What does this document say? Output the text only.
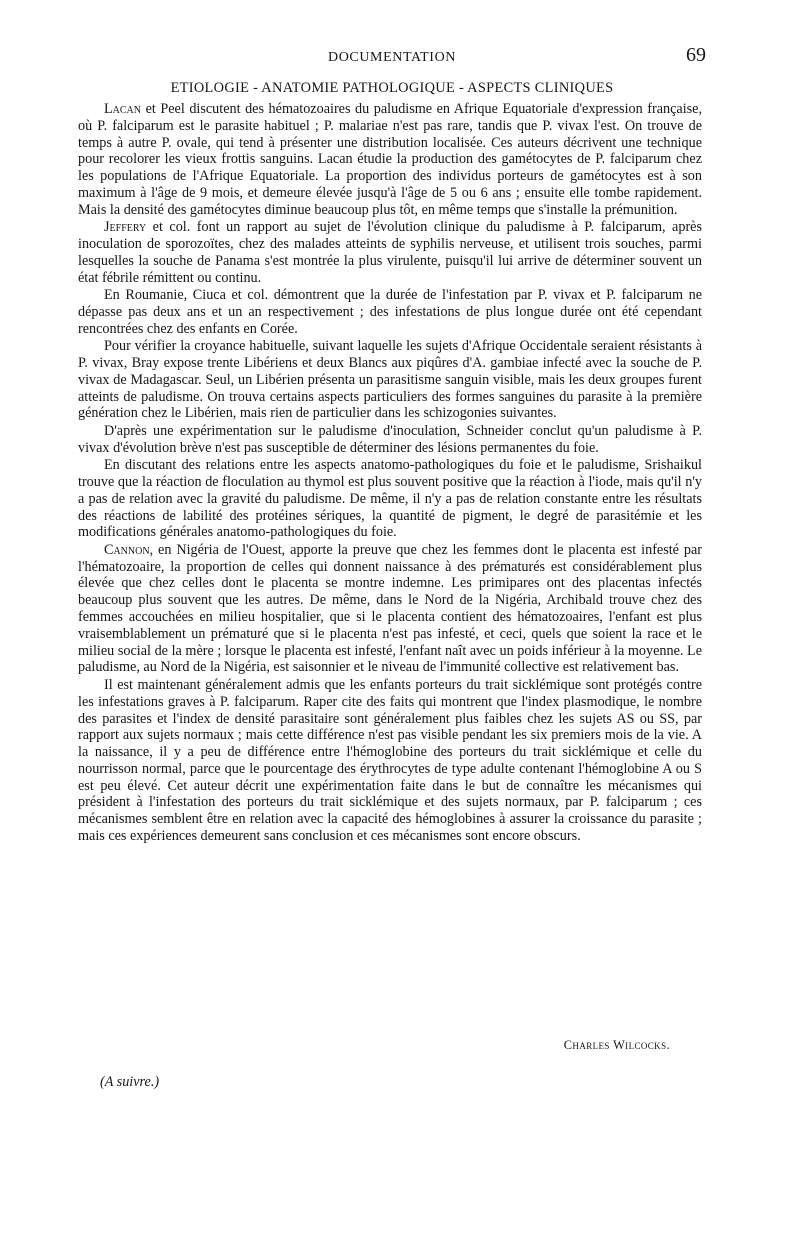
DOCUMENTATION	69
ETIOLOGIE - ANATOMIE PATHOLOGIQUE - ASPECTS CLINIQUES

Lacan et Peel discutent des hématozoaires du paludisme en Afrique Equatoriale d'expression française, où P. falciparum est le parasite habituel ; P. malariae n'est pas rare, tandis que P. vivax l'est. On trouve de temps à autre P. ovale, qui tend à présenter une distribution localisée. Ces auteurs décrivent une technique pour recolorer les vieux frottis sanguins. Lacan étudie la production des gamétocytes de P. falciparum chez les populations de l'Afrique Equatoriale. La proportion des individus porteurs de gamétocytes est à son maximum à l'âge de 9 mois, et demeure élevée jusqu'à l'âge de 5 ou 6 ans ; ensuite elle tombe rapidement. Mais la densité des gamétocytes diminue beaucoup plus tôt, en même temps que s'installe la prémunition.

Jeffery et col. font un rapport au sujet de l'évolution clinique du paludisme à P. falciparum, après inoculation de sporozoïtes, chez des malades atteints de syphilis nerveuse, et utilisent trois souches, parmi lesquelles la souche de Panama s'est montrée la plus virulente, puisqu'il lui arrive de déterminer souvent un état fébrile rémittent ou continu.

En Roumanie, Ciuca et col. démontrent que la durée de l'infestation par P. vivax et P. falciparum ne dépasse pas deux ans et un an respectivement ; des infestations de plus longue durée ont été cependant rencontrées chez des enfants en Corée.

Pour vérifier la croyance habituelle, suivant laquelle les sujets d'Afrique Occidentale seraient résistants à P. vivax, Bray expose trente Libériens et deux Blancs aux piqûres d'A. gambiae infecté avec la souche de P. vivax de Madagascar. Seul, un Libérien présenta un parasitisme sanguin visible, mais les deux groupes furent atteints de paludisme. On trouva certains aspects particuliers des formes sanguines du parasite à la première génération chez le Libérien, mais rien de particulier dans les schizogonies suivantes.

D'après une expérimentation sur le paludisme d'inoculation, Schneider conclut qu'un paludisme à P. vivax d'évolution brève n'est pas susceptible de déterminer des lésions permanentes du foie.

En discutant des relations entre les aspects anatomo-pathologiques du foie et le paludisme, Srishaikul trouve que la réaction de floculation au thymol est plus souvent positive que la réaction à l'iode, mais qu'il n'y a pas de relation avec la gravité du paludisme. De même, il n'y a pas de relation constante entre les résultats des réactions de labilité des protéines sériques, la quantité de pigment, le degré de parasitémie et les modifications générales anatomo-pathologiques du foie.

Cannon, en Nigéria de l'Ouest, apporte la preuve que chez les femmes dont le placenta est infesté par l'hématozoaire, la proportion de celles qui donnent naissance à des prématurés est considérablement plus élevée que chez celles dont le placenta se montre indemne. Les primipares ont des placentas infectés beaucoup plus souvent que les autres. De même, dans le Nord de la Nigéria, Archibald trouve chez des femmes accouchées en milieu hospitalier, que si le placenta contient des hématozoaires, l'enfant est plus vraisemblablement un prématuré que si le placenta n'est pas infesté, et ceci, quels que soient la race et le milieu social de la mère ; lorsque le placenta est infesté, l'enfant naît avec un poids inférieur à la moyenne. Le paludisme, au Nord de la Nigéria, est saisonnier et le niveau de l'immunité collective est relativement bas.

Il est maintenant généralement admis que les enfants porteurs du trait sicklémique sont protégés contre les infestations graves à P. falciparum. Raper cite des faits qui montrent que l'index plasmodique, le nombre des parasites et l'index de densité parasitaire sont généralement plus faibles chez les sujets AS ou SS, par rapport aux sujets normaux ; mais cette différence n'est pas visible pendant les six premiers mois de la vie. A la naissance, il y a peu de différence entre l'hémoglobine des porteurs du trait sicklémique et celle du nourrisson normal, parce que le pourcentage des érythrocytes de type adulte contenant l'hémoglobine A ou S est peu élevé. Cet auteur décrit une expérimentation faite dans le but de connaître les mécanismes qui président à l'infestation des porteurs du trait sicklémique et des sujets normaux, par P. falciparum ; ces mécanismes semblent être en relation avec la capacité des hémoglobines à assurer la croissance du parasite ; mais ces expériences demeurent sans conclusion et ces mécanismes sont encore obscurs.

Charles Wilcocks.
(A suivre.)
